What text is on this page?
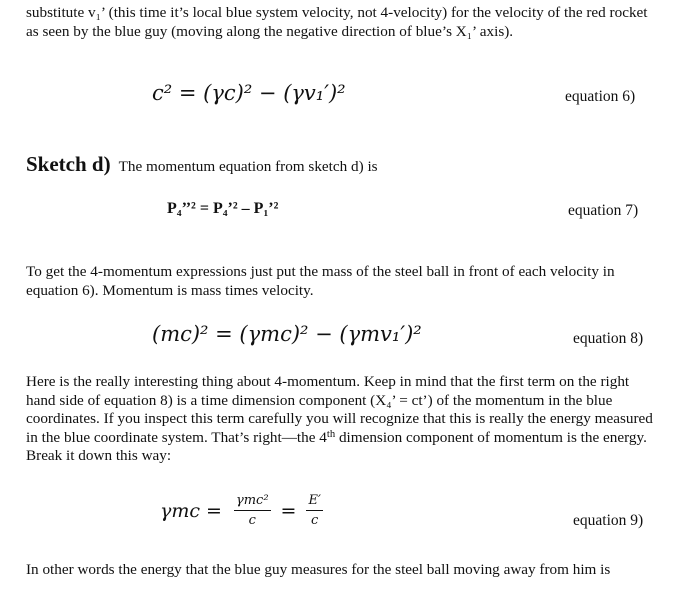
substitute v₁’ (this time it’s local blue system velocity, not 4-velocity) for the velocity of the red rocket as seen by the blue guy (moving along the negative direction of blue’s X₁’ axis).

c² = (γc)² − (γv₁′)²	equation 6)
Sketch d) The momentum equation from sketch d) is
P₄’’² = P₄’² – P₁’²	equation 7)

To get the 4-momentum expressions just put the mass of the steel ball in front of each velocity in equation 6). Momentum is mass times velocity.

(mc)² = (γmc)² − (γmv₁′)²	equation 8)

Here is the really interesting thing about 4-momentum. Keep in mind that the first term on the right hand side of equation 8) is a time dimension component (X₄’ = ct’) of the momentum in the blue coordinates. If you inspect this term carefully you will recognize that this is really the energy measured in the blue coordinate system. That’s right—the 4th dimension component of momentum is the energy. Break it down this way:

$\gamma mc = \frac{\text{γmc²}}{c} = \frac{E'}{c}$	equation 9)

In other words the energy that the blue guy measures for the steel ball moving away from him is
